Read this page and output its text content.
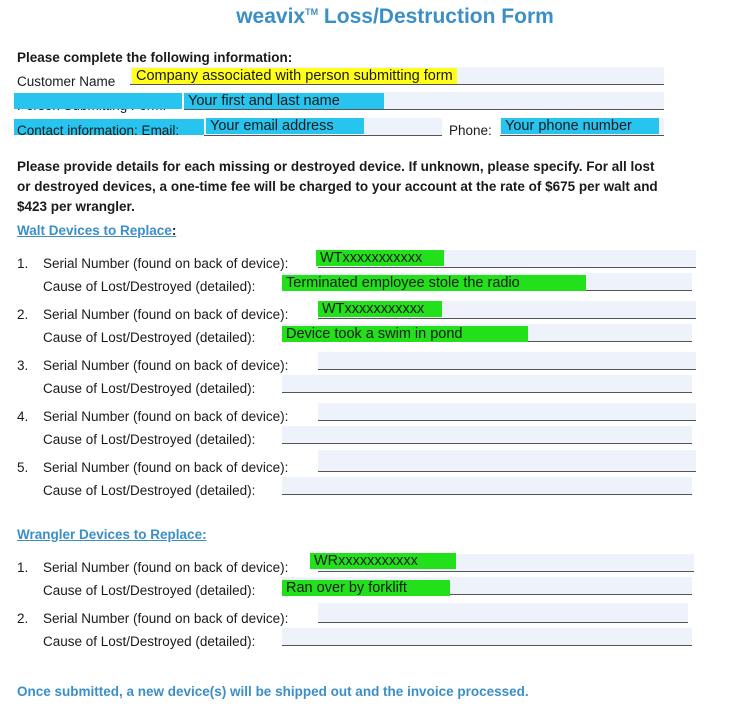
weavix™ Loss/Destruction Form
Please complete the following information:
Customer Name Company associated with person submitting form
Your first and last name
Contact information: Email: Your email address	Phone: Your phone number
Please provide details for each missing or destroyed device. If unknown, please specify. For all lost
or destroyed devices, a one-time fee will be charged to your account at the rate of $675 per walt and
$423 per wrangler.
Walt Devices to Replace:
1. Serial Number (found on back of device): WTxxxxxxxxxxx
Cause of Lost/Destroyed (detailed): Terminated employee stole the radio
2. Serial Number (found on back of device): WTxxxxxxxxxxx
Cause of Lost/Destroyed (detailed): Device took a swim in pond
3. Serial Number (found on back of device):
Cause of Lost/Destroyed (detailed):
4. Serial Number (found on back of device):
Cause of Lost/Destroyed (detailed):
5. Serial Number (found on back of device):
Cause of Lost/Destroyed (detailed):
Wrangler Devices to Replace:
1. Serial Number (found on back of device): WRxxxxxxxxxxx
Cause of Lost/Destroyed (detailed): Ran over by forklift
2. Serial Number (found on back of device):
Cause of Lost/Destroyed (detailed):
Once submitted, a new device(s) will be shipped out and the invoice processed.
